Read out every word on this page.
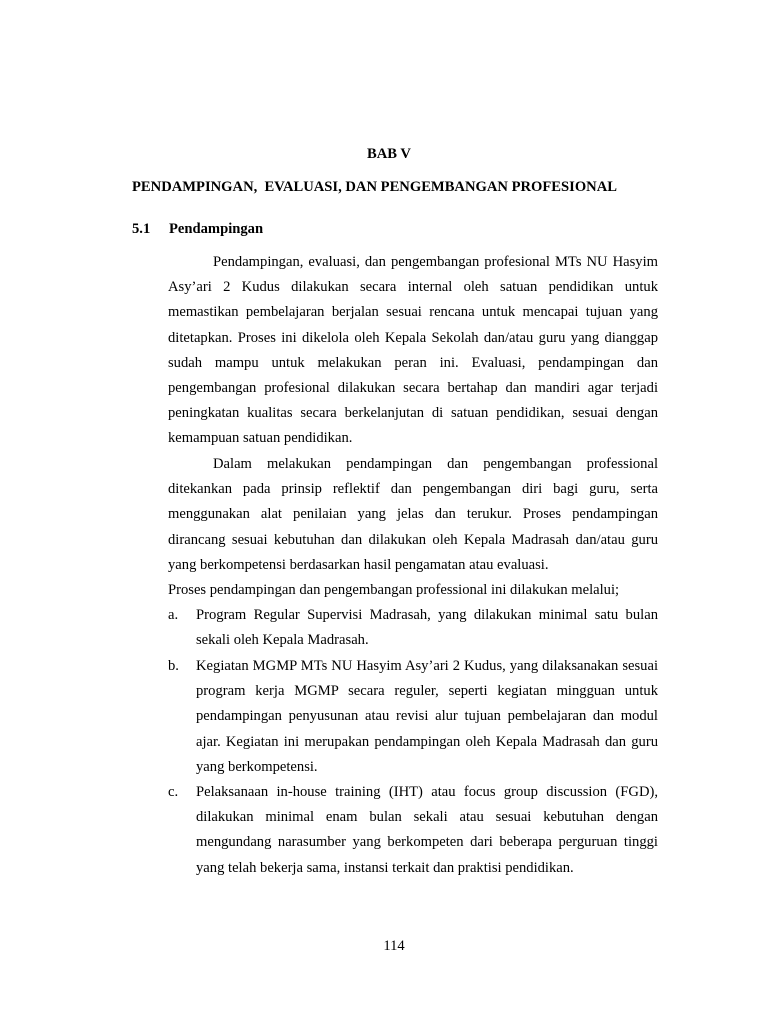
BAB V
PENDAMPINGAN,  EVALUASI, DAN PENGEMBANGAN PROFESIONAL
5.1 Pendampingan

Pendampingan, evaluasi, dan pengembangan profesional MTs NU Hasyim Asy’ari 2 Kudus dilakukan secara internal oleh satuan pendidikan untuk memastikan pembelajaran berjalan sesuai rencana untuk mencapai tujuan yang ditetapkan. Proses ini dikelola oleh Kepala Sekolah dan/atau guru yang dianggap sudah mampu untuk melakukan peran ini. Evaluasi, pendampingan dan pengembangan profesional dilakukan secara bertahap dan mandiri agar terjadi peningkatan kualitas secara berkelanjutan di satuan pendidikan, sesuai dengan kemampuan satuan pendidikan.

Dalam melakukan pendampingan dan pengembangan professional ditekankan pada prinsip reflektif dan pengembangan diri bagi guru, serta menggunakan alat penilaian yang jelas dan terukur. Proses pendampingan dirancang sesuai kebutuhan dan dilakukan oleh Kepala Madrasah dan/atau guru yang berkompetensi berdasarkan hasil pengamatan atau evaluasi.

Proses pendampingan dan pengembangan professional ini dilakukan melalui;

a. Program Regular Supervisi Madrasah, yang dilakukan minimal satu bulan sekali oleh Kepala Madrasah.
b. Kegiatan MGMP MTs NU Hasyim Asy’ari 2 Kudus, yang dilaksanakan sesuai program kerja MGMP secara reguler, seperti kegiatan mingguan untuk pendampingan penyusunan atau revisi alur tujuan pembelajaran dan modul ajar. Kegiatan ini merupakan pendampingan oleh Kepala Madrasah dan guru yang berkompetensi.
c. Pelaksanaan in-house training (IHT) atau focus group discussion (FGD), dilakukan minimal enam bulan sekali atau sesuai kebutuhan dengan mengundang narasumber yang berkompeten dari beberapa perguruan tinggi yang telah bekerja sama, instansi terkait dan praktisi pendidikan.
114
